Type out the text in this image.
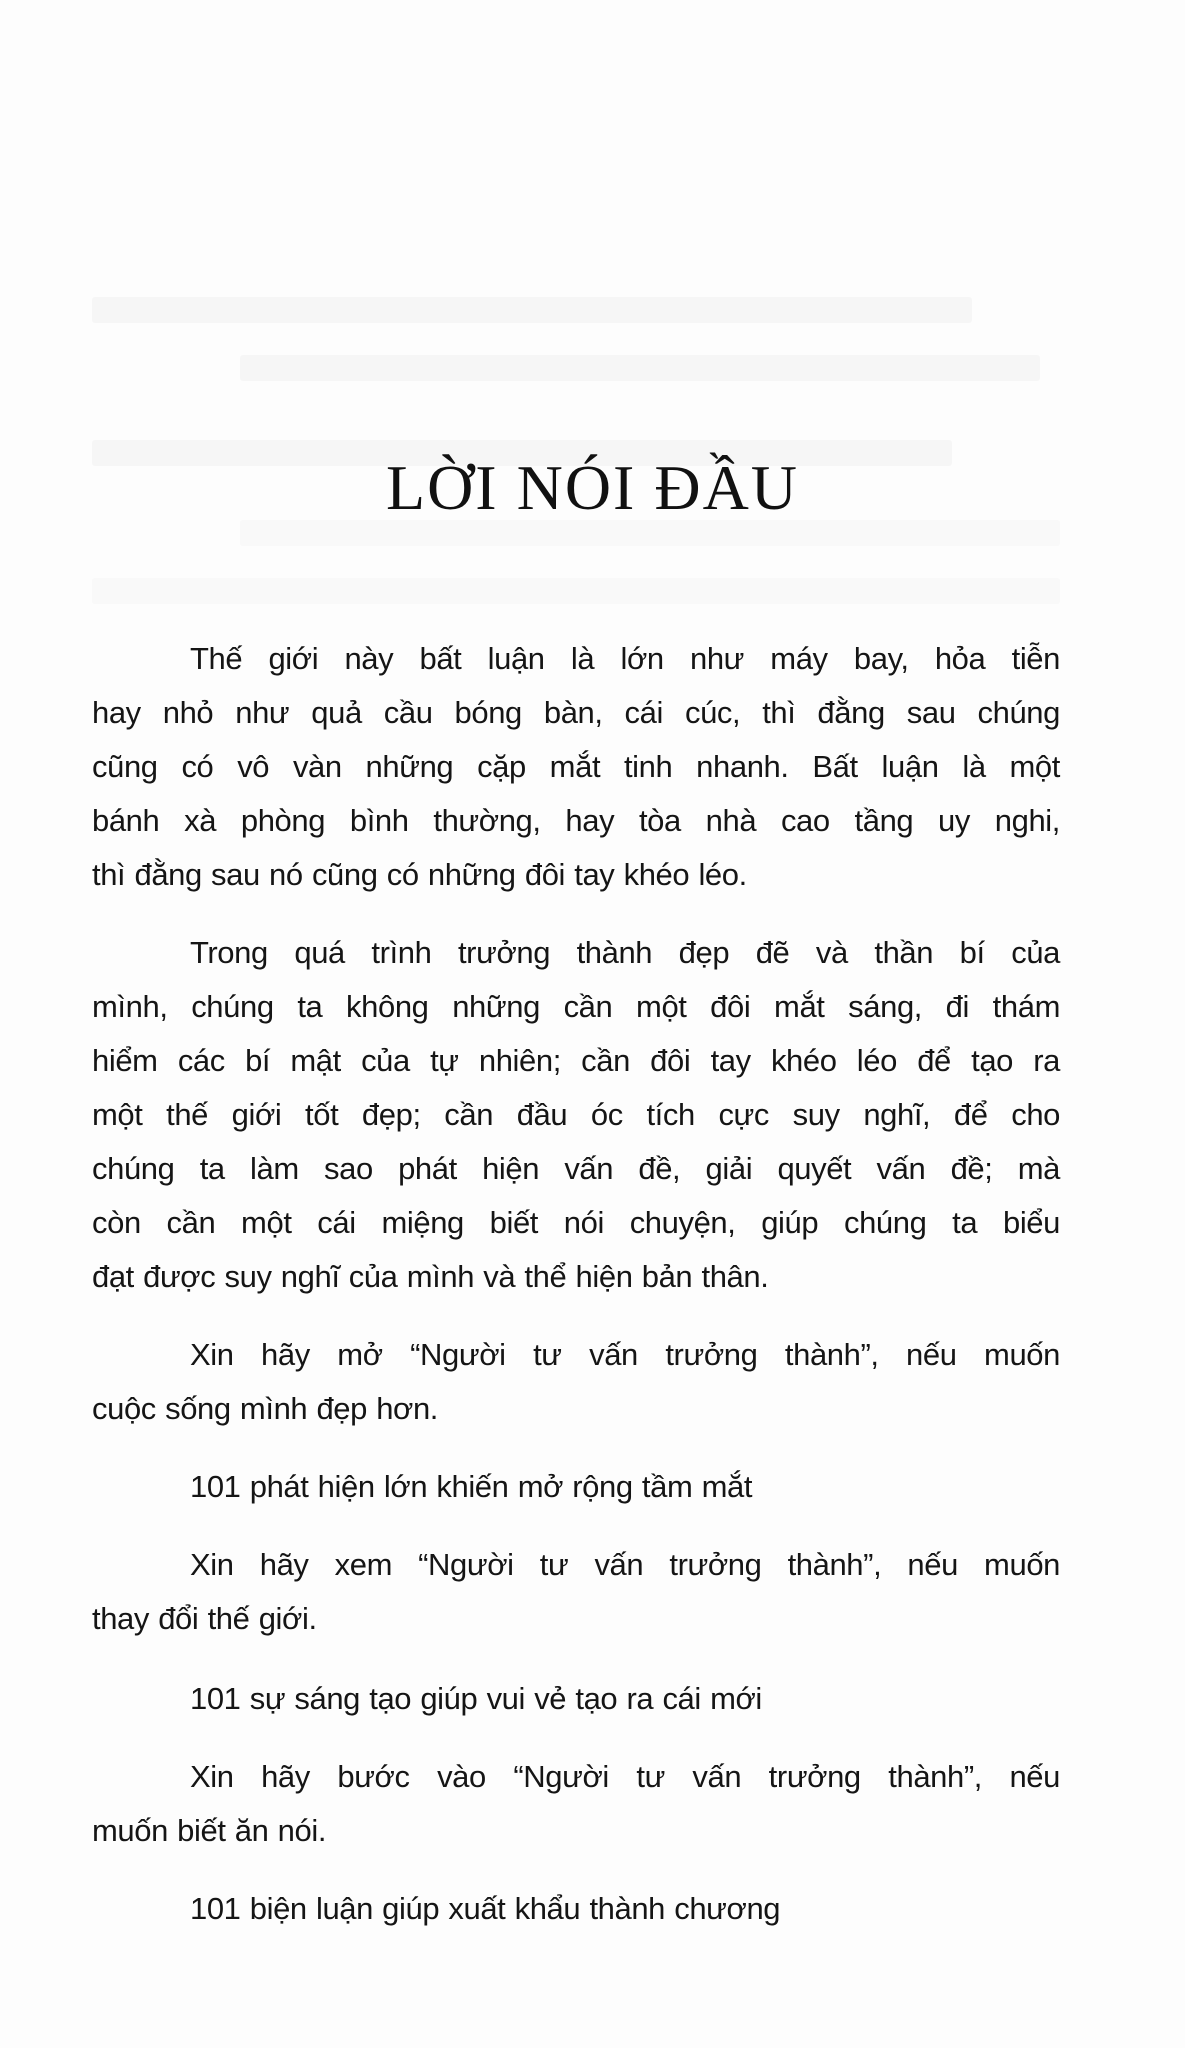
LỜI NÓI ĐẦU

Thế giới này bất luận là lớn như máy bay, hỏa tiễn
hay nhỏ như quả cầu bóng bàn, cái cúc, thì đằng sau chúng
cũng có vô vàn những cặp mắt tinh nhanh. Bất luận là một
bánh xà phòng bình thường, hay tòa nhà cao tầng uy nghi,
thì đằng sau nó cũng có những đôi tay khéo léo.

Trong quá trình trưởng thành đẹp đẽ và thần bí của
mình, chúng ta không những cần một đôi mắt sáng, đi thám
hiểm các bí mật của tự nhiên; cần đôi tay khéo léo để tạo ra
một thế giới tốt đẹp; cần đầu óc tích cực suy nghĩ, để cho
chúng ta làm sao phát hiện vấn đề, giải quyết vấn đề; mà
còn cần một cái miệng biết nói chuyện, giúp chúng ta biểu
đạt được suy nghĩ của mình và thể hiện bản thân.

Xin hãy mở “Người tư vấn trưởng thành”, nếu muốn
cuộc sống mình đẹp hơn.

101 phát hiện lớn khiến mở rộng tầm mắt

Xin hãy xem “Người tư vấn trưởng thành”, nếu muốn
thay đổi thế giới.

101 sự sáng tạo giúp vui vẻ tạo ra cái mới

Xin hãy bước vào “Người tư vấn trưởng thành”, nếu
muốn biết ăn nói.

101 biện luận giúp xuất khẩu thành chương
